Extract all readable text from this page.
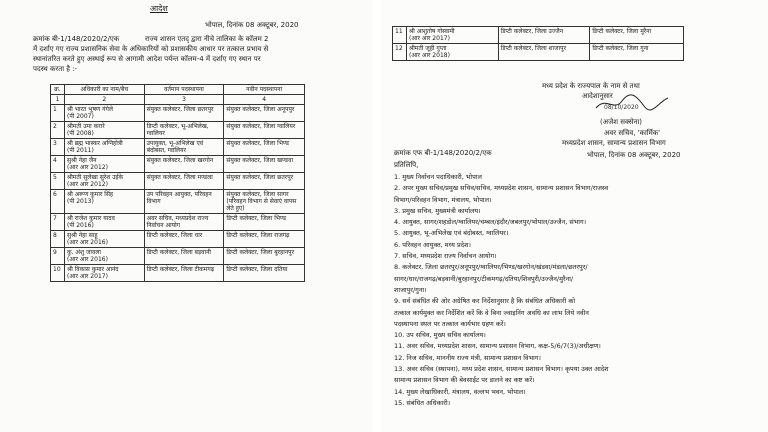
आदेश
भोपाल, दिनांक 08 अक्टूबर, 2020
क्रमांक बी-1/148/2020/2/एक	राज्य शासन एतद् द्वारा नीचे तालिका के कॉलम 2
में दर्शाए गए राज्य प्रशासनिक सेवा के अधिकारियों को प्रशासकीय आधार पर तत्काल प्रभाव से
स्थानांतरित करते हुए अस्थाई रूप से आगामी आदेश पर्यन्त कॉलम-4 में दर्शाए गए स्थान पर
पदस्थ करता है :-
क्र.	अधिकारी का नाम/बैच	वर्तमान पदस्थापना	नवीन पदस्थापना
1	2	3	4
1	श्री भारत भूषण गंगेले
(पी 2007)	संयुक्त कलेक्टर, जिला छतरपुर	संयुक्त कलेक्टर, जिला अनूपपुर
2	श्रीमती उमा करारे
(पी 2008)	डिप्टी कलेक्टर, भू-अभिलेख, ग्वालियर	संयुक्त कलेक्टर, जिला ग्वालियर
3	श्री ब्रह्म भास्कर अग्निहोत्री
(पी 2011)	उपायुक्त, भू-अभिलेख एवं बंदोबस्त, ग्वालियर	संयुक्त कलेक्टर, जिला भिण्ड
4	सुश्री नेहा जैन
(आर आर 2012)	संयुक्त कलेक्टर, जिला खरगोन	संयुक्त कलेक्टर, जिला खण्डवा
5	श्रीमती सुलेखा सुरेश उईके
(आर आर 2012)	संयुक्त कलेक्टर, जिला मण्डला	संयुक्त कलेक्टर, जिला छतरपुर
6	श्री अरूण कुमार सिंह
(पी 2013)	उप परिवहन आयुक्त, परिवहन विभाग	संयुक्त कलेक्टर, जिला सागर (परिवहन विभाग से सेवाएं वापस लेते हुए)
7	श्री राजेश कुमार यादव
(पी 2016)	अवर सचिव, मध्यप्रदेश राज्य निर्वाचन आयोग	डिप्टी कलेक्टर, जिला भिण्ड
8	सुश्री नेहा साहू
(आर आर 2016)	डिप्टी कलेक्टर, जिला धार	डिप्टी कलेक्टर, जिला राजगढ़
9	कु. अंशु जावला
(आर आर 2016)	डिप्टी कलेक्टर, जिला बड़वानी	डिप्टी कलेक्टर, जिला बुरहानपुर
10	श्री विकास कुमार आनंद
(आर आर 2017)	डिप्टी कलेक्टर, जिला टीकमगढ़	डिप्टी कलेक्टर, जिला दतिया
11	श्री आशुतोष गोस्वामी
(आर आर 2017)	डिप्टी कलेक्टर, जिला उज्जैन	डिप्टी कलेक्टर, जिला मुरैना
12	श्रीमती जूही गुप्ता
(आर आर 2018)	डिप्टी कलेक्टर, जिला शाजापुर	डिप्टी कलेक्टर, जिला गुना
मध्य प्रदेश के राज्यपाल के नाम से तथा
आदेशानुसार
08/10/2020
(अजेश सक्सेना)
अवर सचिव, 'कार्मिक'
मध्यप्रदेश शासन, सामान्य प्रशासन विभाग
क्रमांक एफ बी-1/148/2020/2/एक	भोपाल, दिनांक 08 अक्टूबर, 2020
प्रतिलिपि,
1. मुख्य निर्वाचन पदाधिकारी, भोपाल
2. अपर मुख्य सचिव/प्रमुख सचिव/सचिव, मध्यप्रदेश शासन, सामान्य प्रशासन विभाग/राजस्व
विभाग/परिवहन विभाग, मंत्रालय, भोपाल।
3. प्रमुख सचिव, मुख्यमंत्री कार्यालय।
4. आयुक्त, सागर/शहडोल/ग्वालियर/चम्बल/इंदौर/जबलपुर/भोपाल/उज्जैन, संभाग।
5. आयुक्त, भू-अभिलेख एवं बंदोबस्त, ग्वालियर।
6. परिवहन आयुक्त, मध्य प्रदेश।
7. सचिव, मध्यप्रदेश राज्य निर्वाचन आयोग।
8. कलेक्टर, जिला छतरपुर/अनूपपुर/ग्वालियर/भिण्ड/खरगोन/खंडवा/मंडला/छतरपुर/
सागर/धार/राजगढ़/बड़वानी/बुरहानपुर/टीकमगढ़/दतिया/शिवपुरी/उज्जैन/मुरैना/
शाजापुर/गुना।
9. सर्व संबंधित की ओर अग्रेषित कर निर्देशानुसार है कि संबंधित अधिकारी को
तत्काल कार्यमुक्त कर निर्देशित करें कि वे बिना ज्वाइनिंग अवधि का लाभ लिये नवीन
पदस्थापना स्थल पर तत्काल कार्यभार ग्रहण करें।
10. उप सचिव, मुख्य सचिव कार्यालय।
11. अवर सचिव, मध्यप्रदेश शासन, सामान्य प्रशासन विभाग, कक्ष-5/6/7(3)/अधीक्षण।
12. निज सचिव, माननीय राज्य मंत्री, सामान्य प्रशासन विभाग।
13. अवर सचिव (स्थापना), मध्य प्रदेश शासन, सामान्य प्रशासन विभाग। कृपया उक्त आदेश
सामान्य प्रशासन विभाग की बेवसाईट पर डालने का कष्ट करें।
14. मुख्य लेखाधिकारी, मंत्रालय, वल्लभ भवन, भोपाल।
15. संबंधित अधिकारी।
